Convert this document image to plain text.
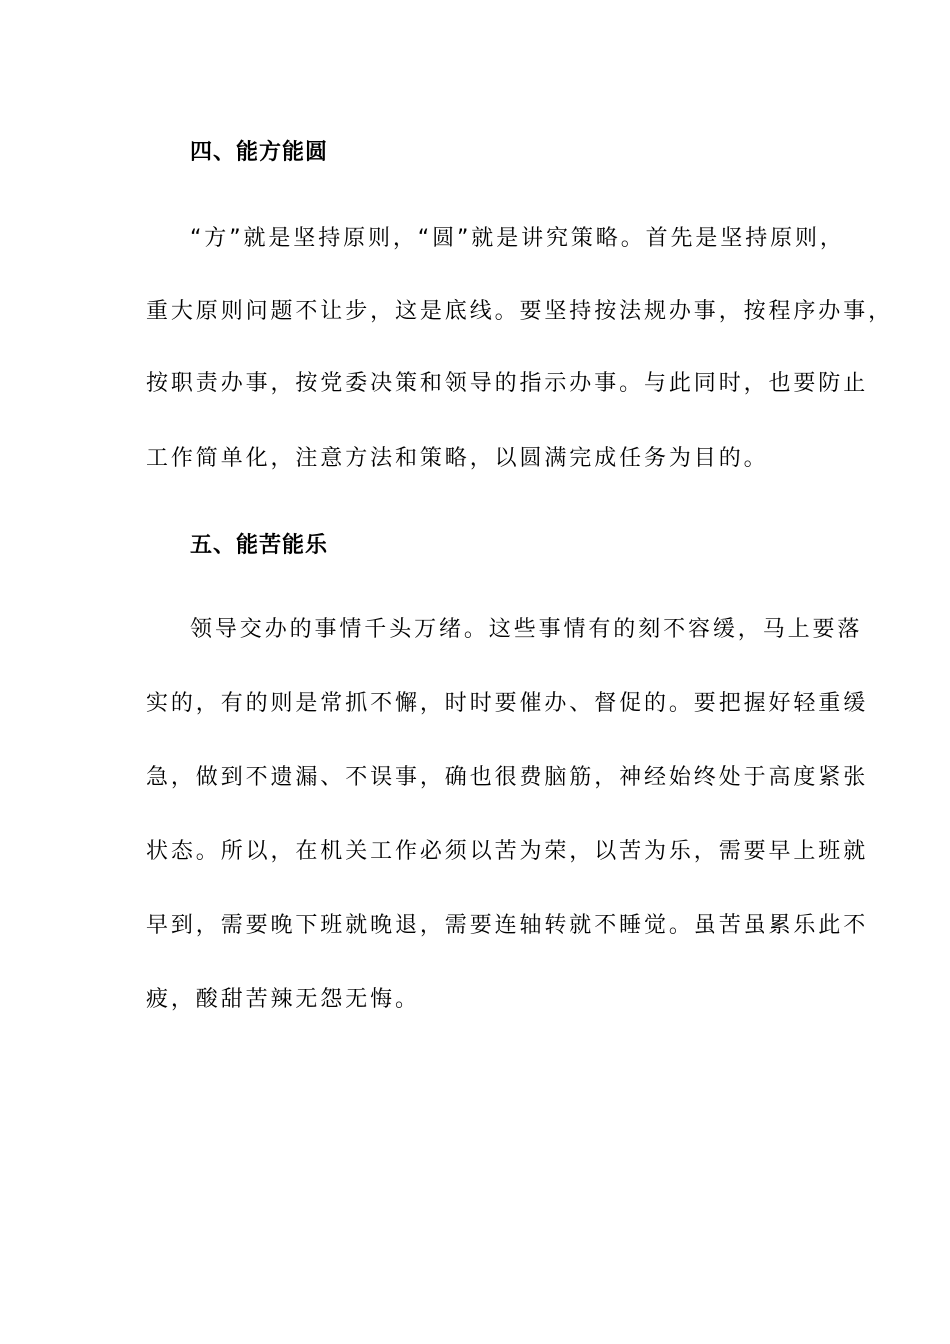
四、能方能圆
“方”就是坚持原则，“圆”就是讲究策略。首先是坚持原则，
重大原则问题不让步，这是底线。要坚持按法规办事，按程序办事，
按职责办事，按党委决策和领导的指示办事。与此同时，也要防止
工作简单化，注意方法和策略，以圆满完成任务为目的。
五、能苦能乐
领导交办的事情千头万绪。这些事情有的刻不容缓，马上要落
实的，有的则是常抓不懈，时时要催办、督促的。要把握好轻重缓
急，做到不遗漏、不误事，确也很费脑筋，神经始终处于高度紧张
状态。所以，在机关工作必须以苦为荣，以苦为乐，需要早上班就
早到，需要晚下班就晚退，需要连轴转就不睡觉。虽苦虽累乐此不
疲，酸甜苦辣无怨无悔。
